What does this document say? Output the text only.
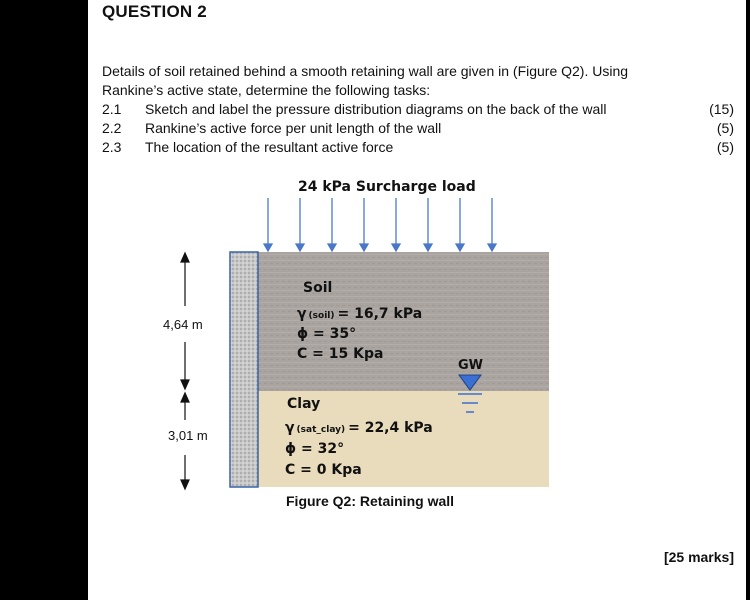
QUESTION 2
Details of soil retained behind a smooth retaining wall are given in (Figure Q2). Using
Rankine’s active state, determine the following tasks:
2.1 Sketch and label the pressure distribution diagrams on the back of the wall	(15)
2.2 Rankine’s active force per unit length of the wall	(5)
2.3 The location of the resultant active force	(5)
24 kPa Surcharge load
Soil
γ (soil) = 16,7 kPa
ϕ = 35°
C = 15 Kpa
GW
Clay
γ (sat_clay) = 22,4 kPa
ϕ = 32°
C = 0 Kpa
4,64 m
3,01 m
Figure Q2: Retaining wall
[25 marks]
